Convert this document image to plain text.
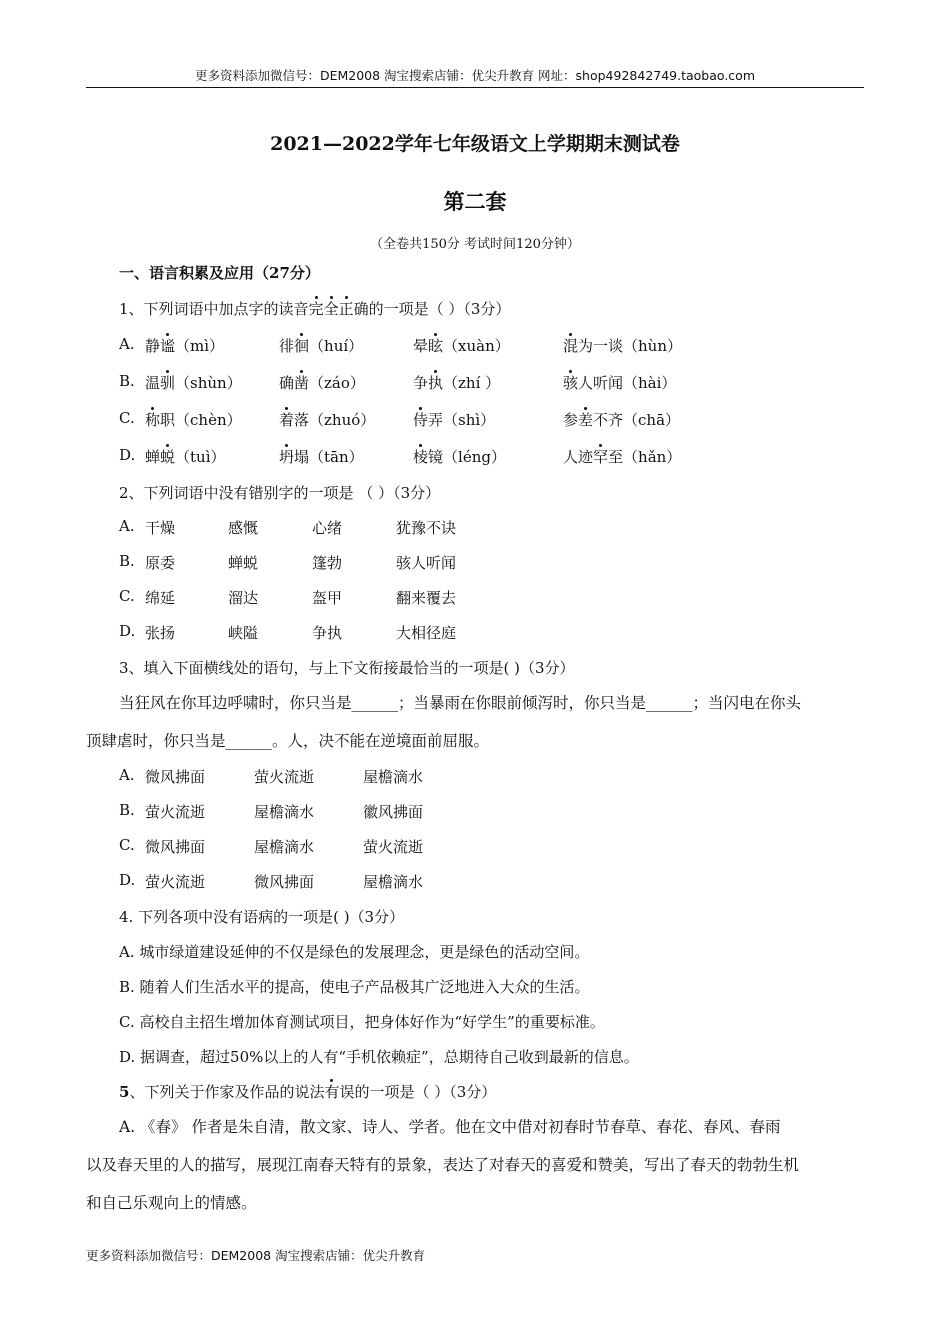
更多资料添加微信号：DEM2008 淘宝搜索店铺：优尖升教育 网址：shop492842749.taobao.com
2021—2022学年七年级语文上学期期末测试卷
第二套
（全卷共150分 考试时间120分钟）
一、语言积累及应用（27分）
1、下列词语中加点字的读音完全正确的一项是（ ）（3分）
A. 静谧（mì）	徘徊（huí）	晕眩（xuàn）	混为一谈（hùn）
B. 温驯（shùn） 确凿（záo）	争执（zhí ）	骇人听闻（hài）
C. 称职（chèn） 着落（zhuó）	侍弄（shì）	参差不齐（chā）
D. 蝉蜕（tuì）	坍塌（tān）	棱镜（léng）	人迹罕至（hǎn）
2、下列词语中没有错别字的一项是 （ ）（3分）
A. 干燥	感慨	心绪	犹豫不诀
B. 原委	蝉蜕	篷勃	骇人听闻
C. 绵延	溜达	盔甲	翻来覆去
D. 张扬	峡隘	争执	大相径庭
3、填入下面横线处的语句，与上下文衔接最恰当的一项是( )（3分）
当狂风在你耳边呼啸时，你只当是______；当暴雨在你眼前倾泻时，你只当是______；当闪电在你头
顶肆虐时，你只当是______。人，决不能在逆境面前屈服。
A. 微风拂面	萤火流逝	屋檐滴水
B. 萤火流逝	屋檐滴水	徽风拂面
C. 微风拂面	屋檐滴水	萤火流逝
D. 萤火流逝	微风拂面	屋檐滴水
4. 下列各项中没有语病的一项是( )（3分）
A. 城市绿道建设延伸的不仅是绿色的发展理念，更是绿色的活动空间。
B. 随着人们生活水平的提高，使电子产品极其广泛地进入大众的生活。
C. 高校自主招生增加体育测试项目，把身体好作为“好学生”的重要标准。
D. 据调查，超过50%以上的人有“手机依赖症”，总期待自己收到最新的信息。
5、下列关于作家及作品的说法有误的一项是（ ）（3分）
A. 《春》 作者是朱自清，散文家、诗人、学者。他在文中借对初春时节春草、春花、春风、春雨
以及春天里的人的描写，展现江南春天特有的景象，表达了对春天的喜爱和赞美，写出了春天的勃勃生机
和自己乐观向上的情感。
更多资料添加微信号：DEM2008 淘宝搜索店铺：优尖升教育
